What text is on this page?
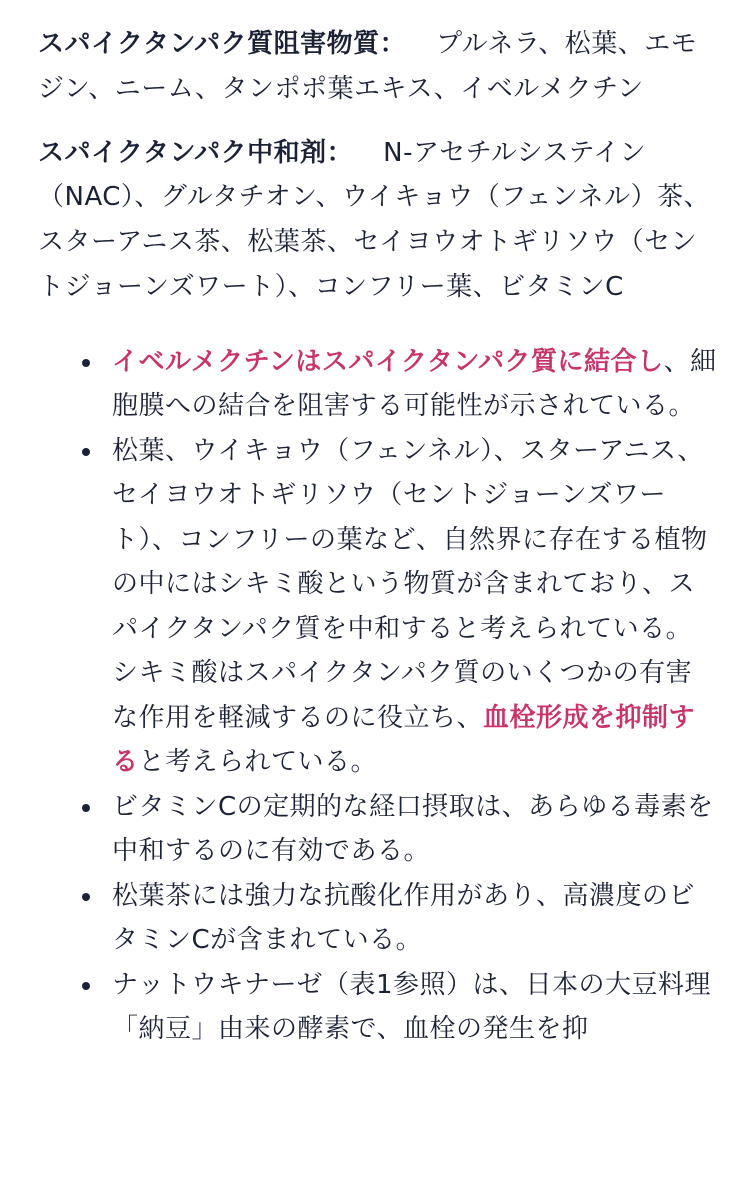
スパイクタンパク質阻害物質： プルネラ、松葉、エモジン、ニーム、タンポポ葉エキス、イベルメクチン

スパイクタンパク中和剤： N-アセチルシステイン（NAC）、グルタチオン、ウイキョウ（フェンネル）茶、スターアニス茶、松葉茶、セイヨウオトギリソウ（セントジョーンズワート）、コンフリー葉、ビタミンC

イベルメクチンはスパイクタンパク質に結合し、細胞膜への結合を阻害する可能性が示されている。
松葉、ウイキョウ（フェンネル）、スターアニス、セイヨウオトギリソウ（セントジョーンズワート）、コンフリーの葉など、自然界に存在する植物の中にはシキミ酸という物質が含まれており、スパイクタンパク質を中和すると考えられている。シキミ酸はスパイクタンパク質のいくつかの有害な作用を軽減するのに役立ち、血栓形成を抑制すると考えられている。
ビタミンCの定期的な経口摂取は、あらゆる毒素を中和するのに有効である。
松葉茶には強力な抗酸化作用があり、高濃度のビタミンCが含まれている。
ナットウキナーゼ（表1参照）は、日本の大豆料理「納豆」由来の酵素で、血栓の発生を抑
